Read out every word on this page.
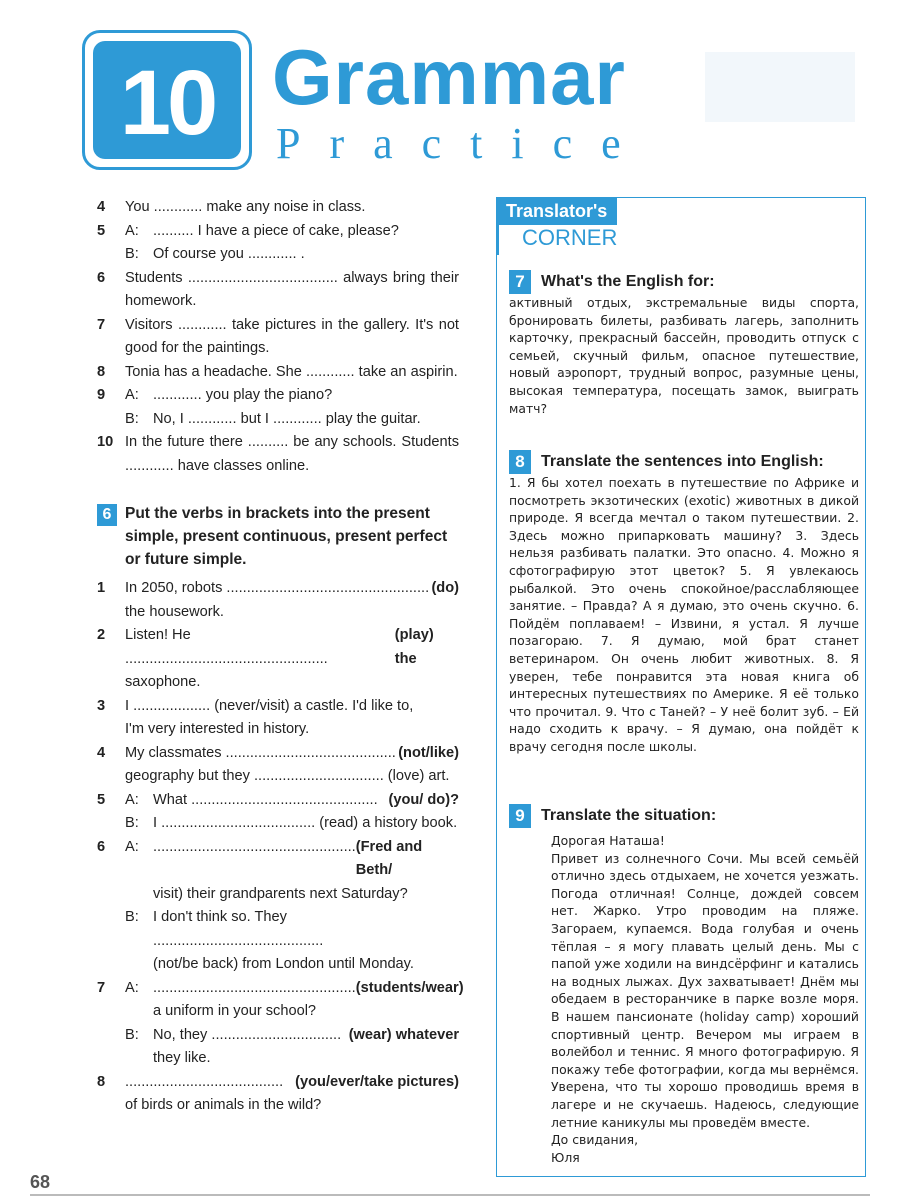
10 Grammar
Practice
4	You ............ make any noise in class.
5	A: .......... I have a piece of cake, please?
B: Of course you ............ .
6	Students ..................................... always bring their homework.
7	Visitors ............ take pictures in the gallery. It's not good for the paintings.
8	Tonia has a headache. She ............ take an aspirin.
9	A: ............ you play the piano?
B: No, I ............ but I ............ play the guitar.
10 In the future there .......... be any schools. Students ............ have classes online.
6 Put the verbs in brackets into the present simple, present continuous, present perfect or future simple.
1	In 2050, robots .................................................. (do)
the housework.
2	Listen! He ..................................................
(play) the
saxophone.
3	I ................... (never/visit) a castle. I'd like to,
I'm very interested in history.
4	My classmates .......................................... (not/like)
geography but they ................................ (love) art.
5	A: What .............................................. (you/ do)?
B: I ...................................... (read) a history book.
6	A: .................................................. (Fred and Beth/
visit) their grandparents next Saturday?
B: I don't think so. They ..........................................
(not/be back) from London until Monday.
7	A: .................................................. (students/wear)
a uniform in your school?
B: No, they ................................ (wear) whatever
they like.
8	....................................... (you/ever/take pictures)
of birds or animals in the wild?
Translator's
CORNER
7	What's the English for:

активный отдых, экстремальные виды спорта, бронировать билеты, разбивать лагерь, заполнить карточку, прекрасный бассейн, проводить отпуск с семьей, скучный фильм, опасное путешествие, новый аэропорт, трудный вопрос, разумные цены, высокая температура, посещать замок, выиграть матч?

8	Translate the sentences into English:

1. Я бы хотел поехать в путешествие по Африке и посмотреть экзотических (exotic) животных в дикой природе. Я всегда мечтал о таком путешествии. 2. Здесь можно припарковать машину? 3. Здесь нельзя разбивать палатки. Это опасно. 4. Можно я сфотографирую этот цветок? 5. Я увлекаюсь рыбалкой. Это очень спокойное/расслабляющее занятие. – Правда? А я думаю, это очень скучно. 6. Пойдём поплаваем! – Извини, я устал. Я лучше позагораю. 7. Я думаю, мой брат станет ветеринаром. Он очень любит животных. 8. Я уверен, тебе понравится эта новая книга об интересных путешествиях по Америке. Я её только что прочитал. 9. Что с Таней? – У неё болит зуб. – Ей надо сходить к врачу. – Я думаю, она пойдёт к врачу сегодня после школы.

9	Translate the situation:

Дорогая Наташа!

Привет из солнечного Сочи. Мы всей семьёй отлично здесь отдыхаем, не хочется уезжать. Погода отличная! Солнце, дождей совсем нет. Жарко. Утро проводим на пляже. Загораем, купаемся. Вода голубая и очень тёплая – я могу плавать целый день. Мы с папой уже ходили на виндсёрфинг и катались на водных лыжах. Дух захватывает! Днём мы обедаем в ресторанчике в парке возле моря. В нашем пансионате (holiday camp) хороший спортивный центр. Вечером мы играем в волейбол и теннис. Я много фотографирую. Я покажу тебе фотографии, когда мы вернёмся. Уверена, что ты хорошо проводишь время в лагере и не скучаешь. Надеюсь, следующие летние каникулы мы проведём вместе.

До свидания,

Юля

68
